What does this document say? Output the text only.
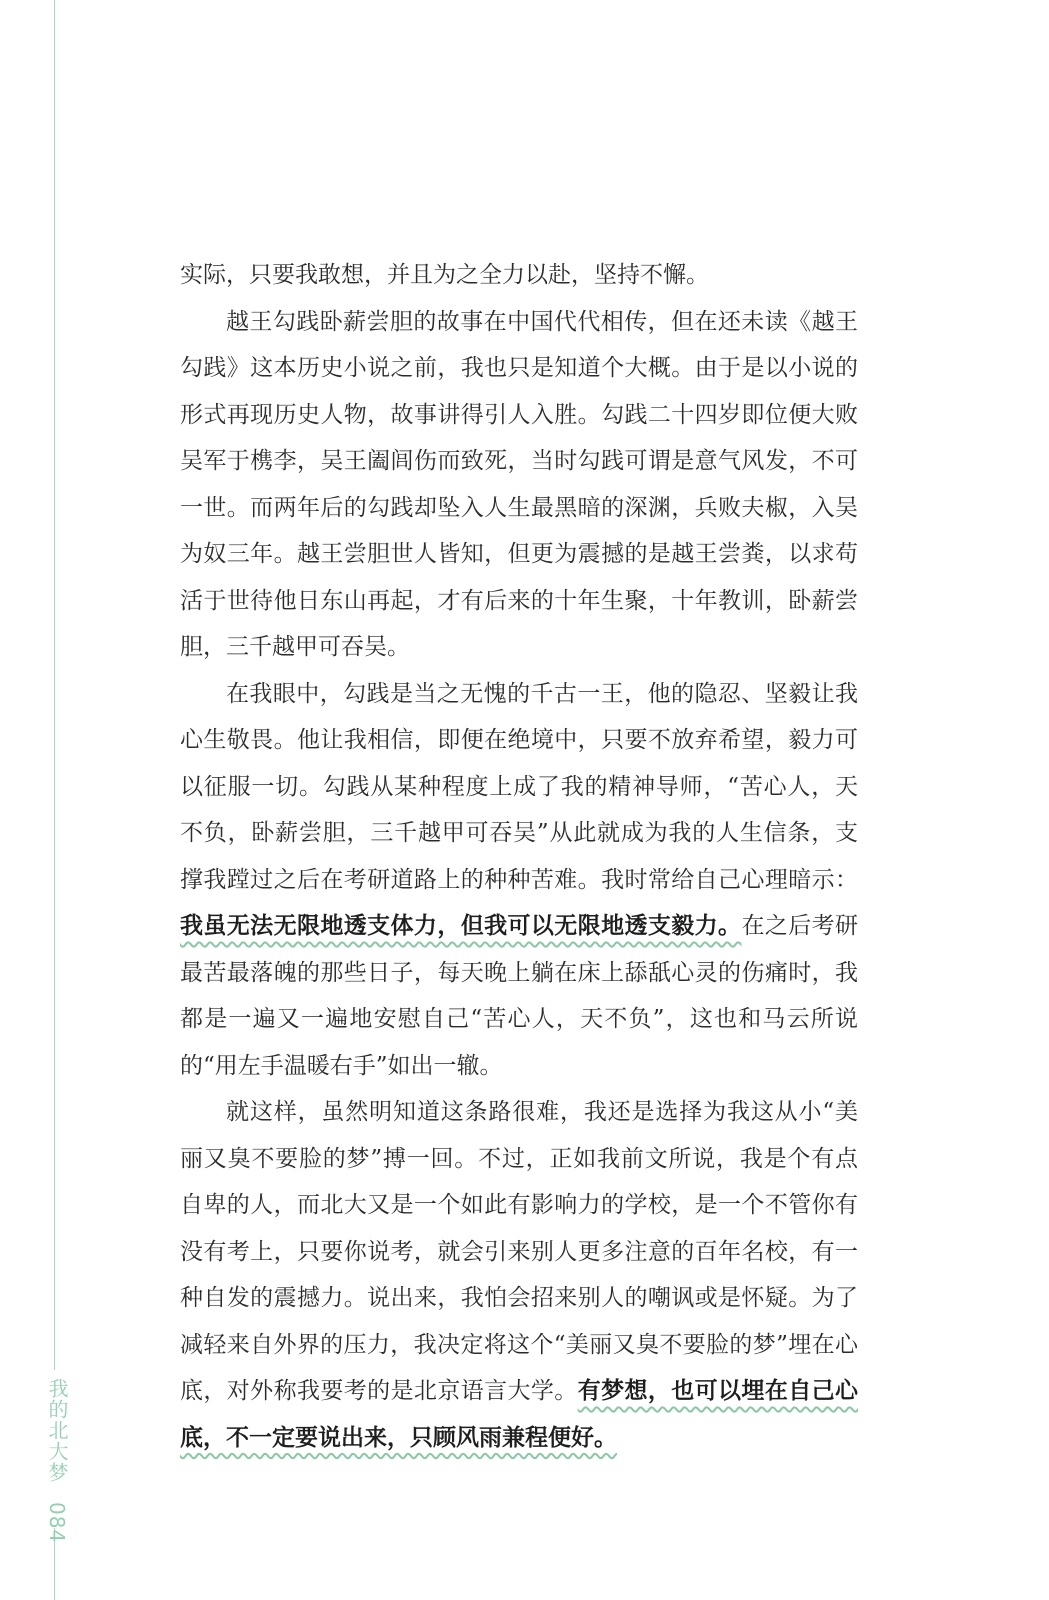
我的北大梦 084

实际，只要我敢想，并且为之全力以赴，坚持不懈。

越王勾践卧薪尝胆的故事在中国代代相传，但在还未读《越王勾践》这本历史小说之前，我也只是知道个大概。由于是以小说的形式再现历史人物，故事讲得引人入胜。勾践二十四岁即位便大败吴军于槜李，吴王阖闾伤而致死，当时勾践可谓是意气风发，不可一世。而两年后的勾践却坠入人生最黑暗的深渊，兵败夫椒，入吴为奴三年。越王尝胆世人皆知，但更为震撼的是越王尝粪，以求苟活于世待他日东山再起，才有后来的十年生聚，十年教训，卧薪尝胆，三千越甲可吞吴。

在我眼中，勾践是当之无愧的千古一王，他的隐忍、坚毅让我心生敬畏。他让我相信，即便在绝境中，只要不放弃希望，毅力可以征服一切。勾践从某种程度上成了我的精神导师，“苦心人，天不负，卧薪尝胆，三千越甲可吞吴”从此就成为我的人生信条，支撑我蹚过之后在考研道路上的种种苦难。我时常给自己心理暗示：我虽无法无限地透支体力，但我可以无限地透支毅力。在之后考研最苦最落魄的那些日子，每天晚上躺在床上舔舐心灵的伤痛时，我都是一遍又一遍地安慰自己“苦心人，天不负”，这也和马云所说的“用左手温暖右手”如出一辙。

就这样，虽然明知道这条路很难，我还是选择为我这从小“美丽又臭不要脸的梦”搏一回。不过，正如我前文所说，我是个有点自卑的人，而北大又是一个如此有影响力的学校，是一个不管你有没有考上，只要你说考，就会引来别人更多注意的百年名校，有一种自发的震撼力。说出来，我怕会招来别人的嘲讽或是怀疑。为了减轻来自外界的压力，我决定将这个“美丽又臭不要脸的梦”埋在心底，对外称我要考的是北京语言大学。有梦想，也可以埋在自己心底，不一定要说出来，只顾风雨兼程便好。
